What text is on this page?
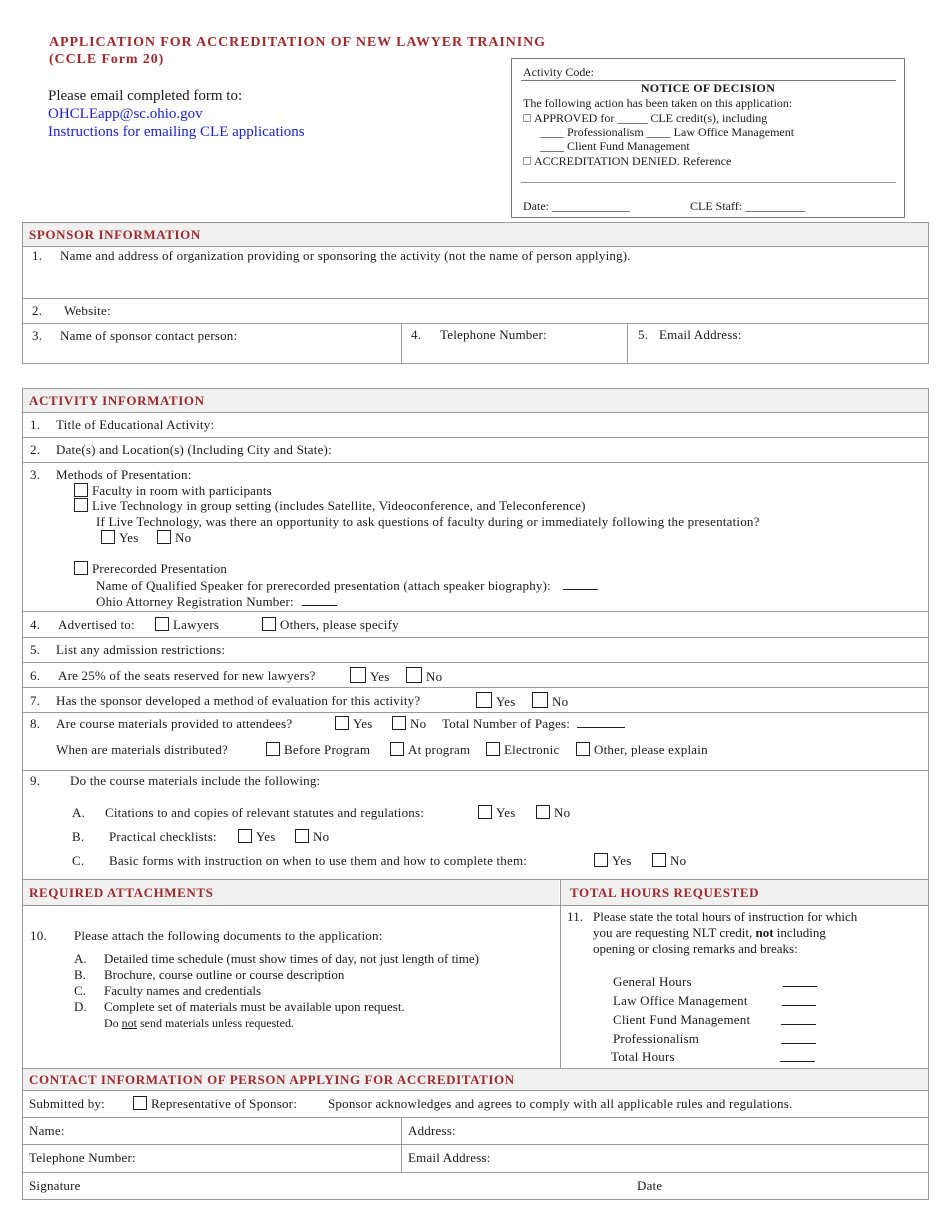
APPLICATION FOR ACCREDITATION OF NEW LAWYER TRAINING
(CCLE Form 20)
Please email completed form to:
OHCLEapp@sc.ohio.gov
Instructions for emailing CLE applications
Activity Code:
NOTICE OF DECISION
The following action has been taken on this application:
APPROVED for _____ CLE credit(s), including
____ Professionalism ____ Law Office Management
____ Client Fund Management
ACCREDITATION DENIED. Reference
Date: _____________	CLE Staff: __________
SPONSOR INFORMATION
1. Name and address of organization providing or sponsoring the activity (not the name of person applying).
2. Website:
3. Name of sponsor contact person:	4. Telephone Number:	5. Email Address:
ACTIVITY INFORMATION
1. Title of Educational Activity:
2. Date(s) and Location(s) (Including City and State):
3. Methods of Presentation:
Faculty in room with participants
Live Technology in group setting (includes Satellite, Videoconference, and Teleconference)
If Live Technology, was there an opportunity to ask questions of faculty during or immediately following the presentation?
Yes	No
Prerecorded Presentation
Name of Qualified Speaker for prerecorded presentation (attach speaker biography):
Ohio Attorney Registration Number:
4. Advertised to:	Lawyers	Others, please specify
5. List any admission restrictions:
6. Are 25% of the seats reserved for new lawyers?	Yes	No
7. Has the sponsor developed a method of evaluation for this activity?	Yes	No
8. Are course materials provided to attendees?	Yes	No Total Number of Pages:
When are materials distributed?	Before Program	At program	Electronic	Other, please explain
9. Do the course materials include the following:
A. Citations to and copies of relevant statutes and regulations:	Yes	No
B. Practical checklists:	Yes	No
C. Basic forms with instruction on when to use them and how to complete them:	Yes	No
REQUIRED ATTACHMENTS	TOTAL HOURS REQUESTED
10. Please attach the following documents to the application:
A. Detailed time schedule (must show times of day, not just length of time)
B. Brochure, course outline or course description
C. Faculty names and credentials
D. Complete set of materials must be available upon request.
Do not send materials unless requested.
11. Please state the total hours of instruction for which
you are requesting NLT credit, not including
opening or closing remarks and breaks:
General Hours
Law Office Management
Client Fund Management
Professionalism
Total Hours
CONTACT INFORMATION OF PERSON APPLYING FOR ACCREDITATION
Submitted by:	Representative of Sponsor: Sponsor acknowledges and agrees to comply with all applicable rules and regulations.
Name:	Address:
Telephone Number:	Email Address:
Signature	Date
